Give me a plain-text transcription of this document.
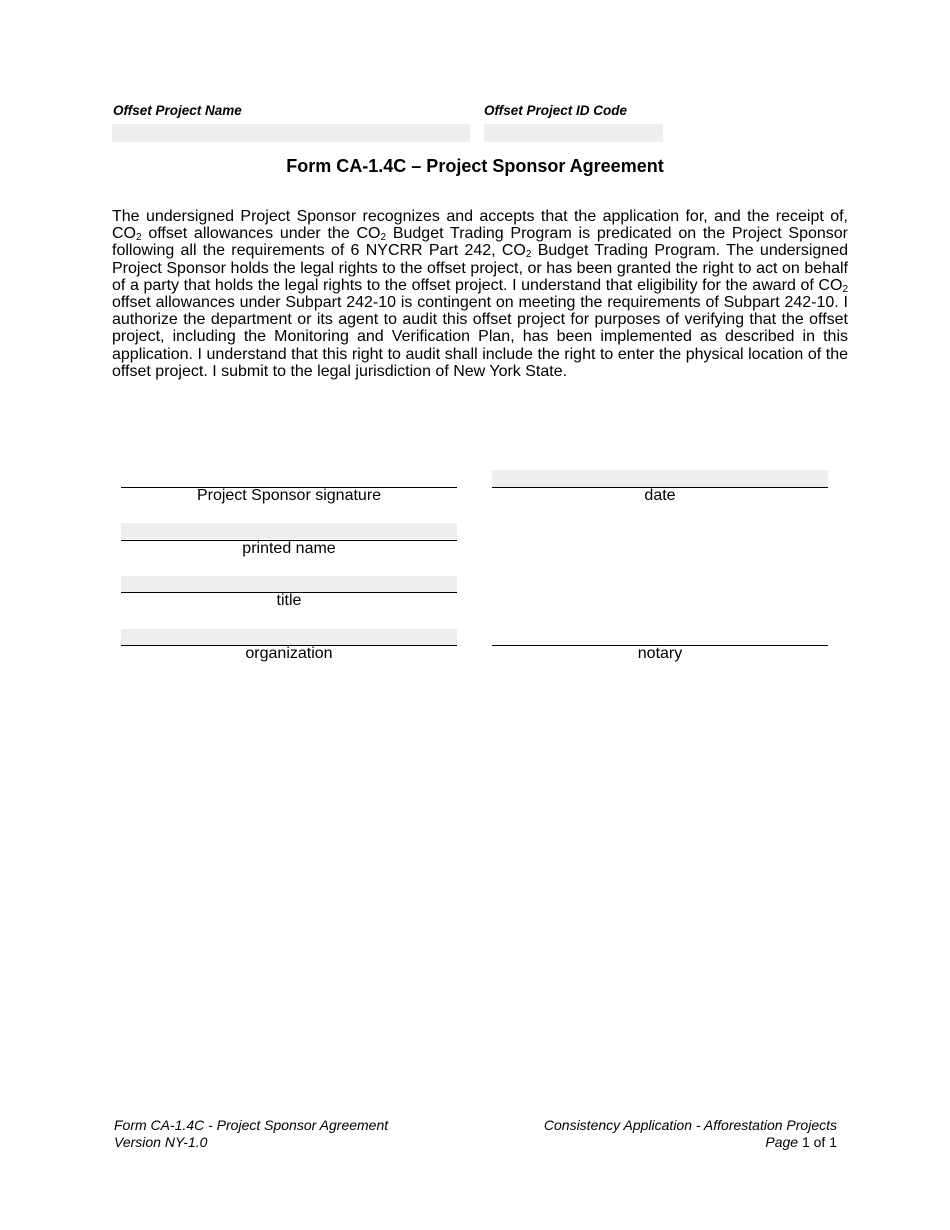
Offset Project Name	Offset Project ID Code
Form CA-1.4C – Project Sponsor Agreement
The undersigned Project Sponsor recognizes and accepts that the application for, and the receipt of, $CO_2$ offset allowances under the $CO_2$ Budget Trading Program is predicated on the Project Sponsor following all the requirements of 6 NYCRR Part 242, $CO_2$ Budget Trading Program. The undersigned Project Sponsor holds the legal rights to the offset project, or has been granted the right to act on behalf of a party that holds the legal rights to the offset project. I understand that eligibility for the award of $CO_2$ offset allowances under Subpart 242-10 is contingent on meeting the requirements of Subpart 242-10. I authorize the department or its agent to audit this offset project for purposes of verifying that the offset project, including the Monitoring and Verification Plan, has been implemented as described in this application. I understand that this right to audit shall include the right to enter the physical location of the offset project. I submit to the legal jurisdiction of New York State.
Project Sponsor signature	date
printed name
title
organization	notary
Form CA-1.4C - Project Sponsor Agreement
Version NY-1.0
Consistency Application - Afforestation Projects
Page 1 of 1
